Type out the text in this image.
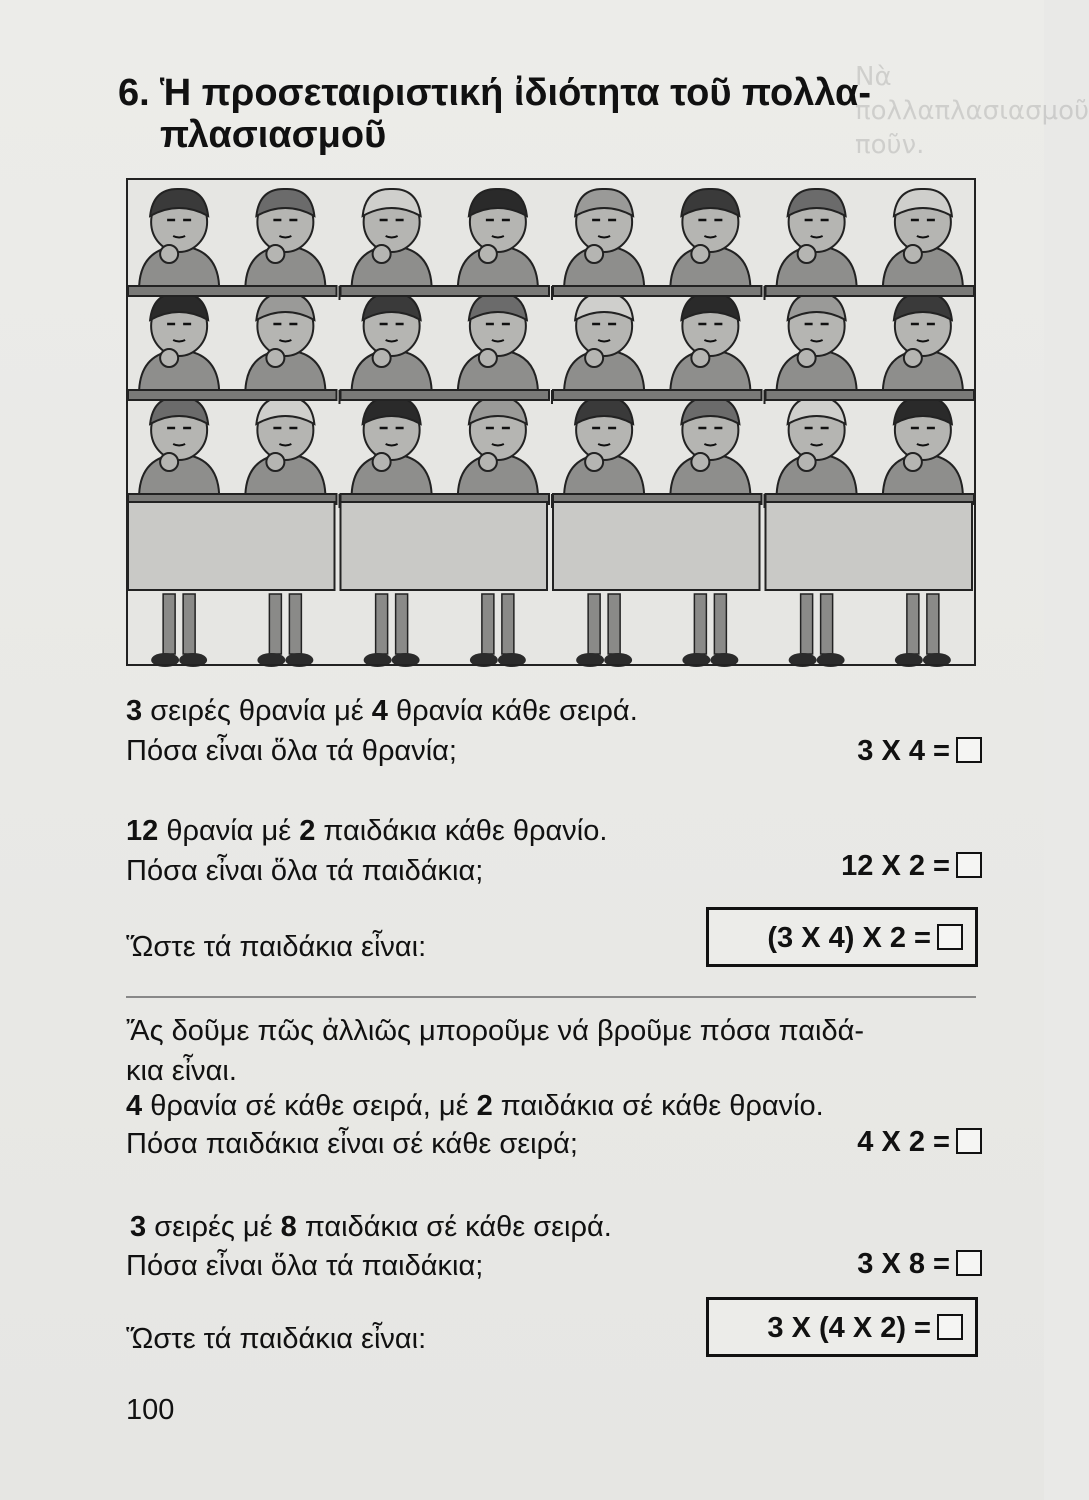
Νὰ
πολλαπλασιασμοῦ
ποῦν.
6. Ἡ προσεταιριστική ἰδιότητα τοῦ πολλα-
πλασιασμοῦ
3 σειρές θρανία μέ 4 θρανία κάθε σειρά.
Πόσα εἶναι ὅλα τά θρανία;	3 X 4 =
12 θρανία μέ 2 παιδάκια κάθε θρανίο.
Πόσα εἶναι ὅλα τά παιδάκια;	12 X 2 =
Ὥστε τά παιδάκια εἶναι:	(3 X 4) X 2 =
Ἄς δοῦμε πῶς ἀλλιῶς μποροῦμε νά βροῦμε πόσα παιδά-
κια εἶναι.
4 θρανία σέ κάθε σειρά, μέ 2 παιδάκια σέ κάθε θρανίο.
Πόσα παιδάκια εἶναι σέ κάθε σειρά;	4 X 2 =
3 σειρές μέ 8 παιδάκια σέ κάθε σειρά.
Πόσα εἶναι ὅλα τά παιδάκια;	3 X 8 =
Ὥστε τά παιδάκια εἶναι:	3 X (4 X 2) =
100
